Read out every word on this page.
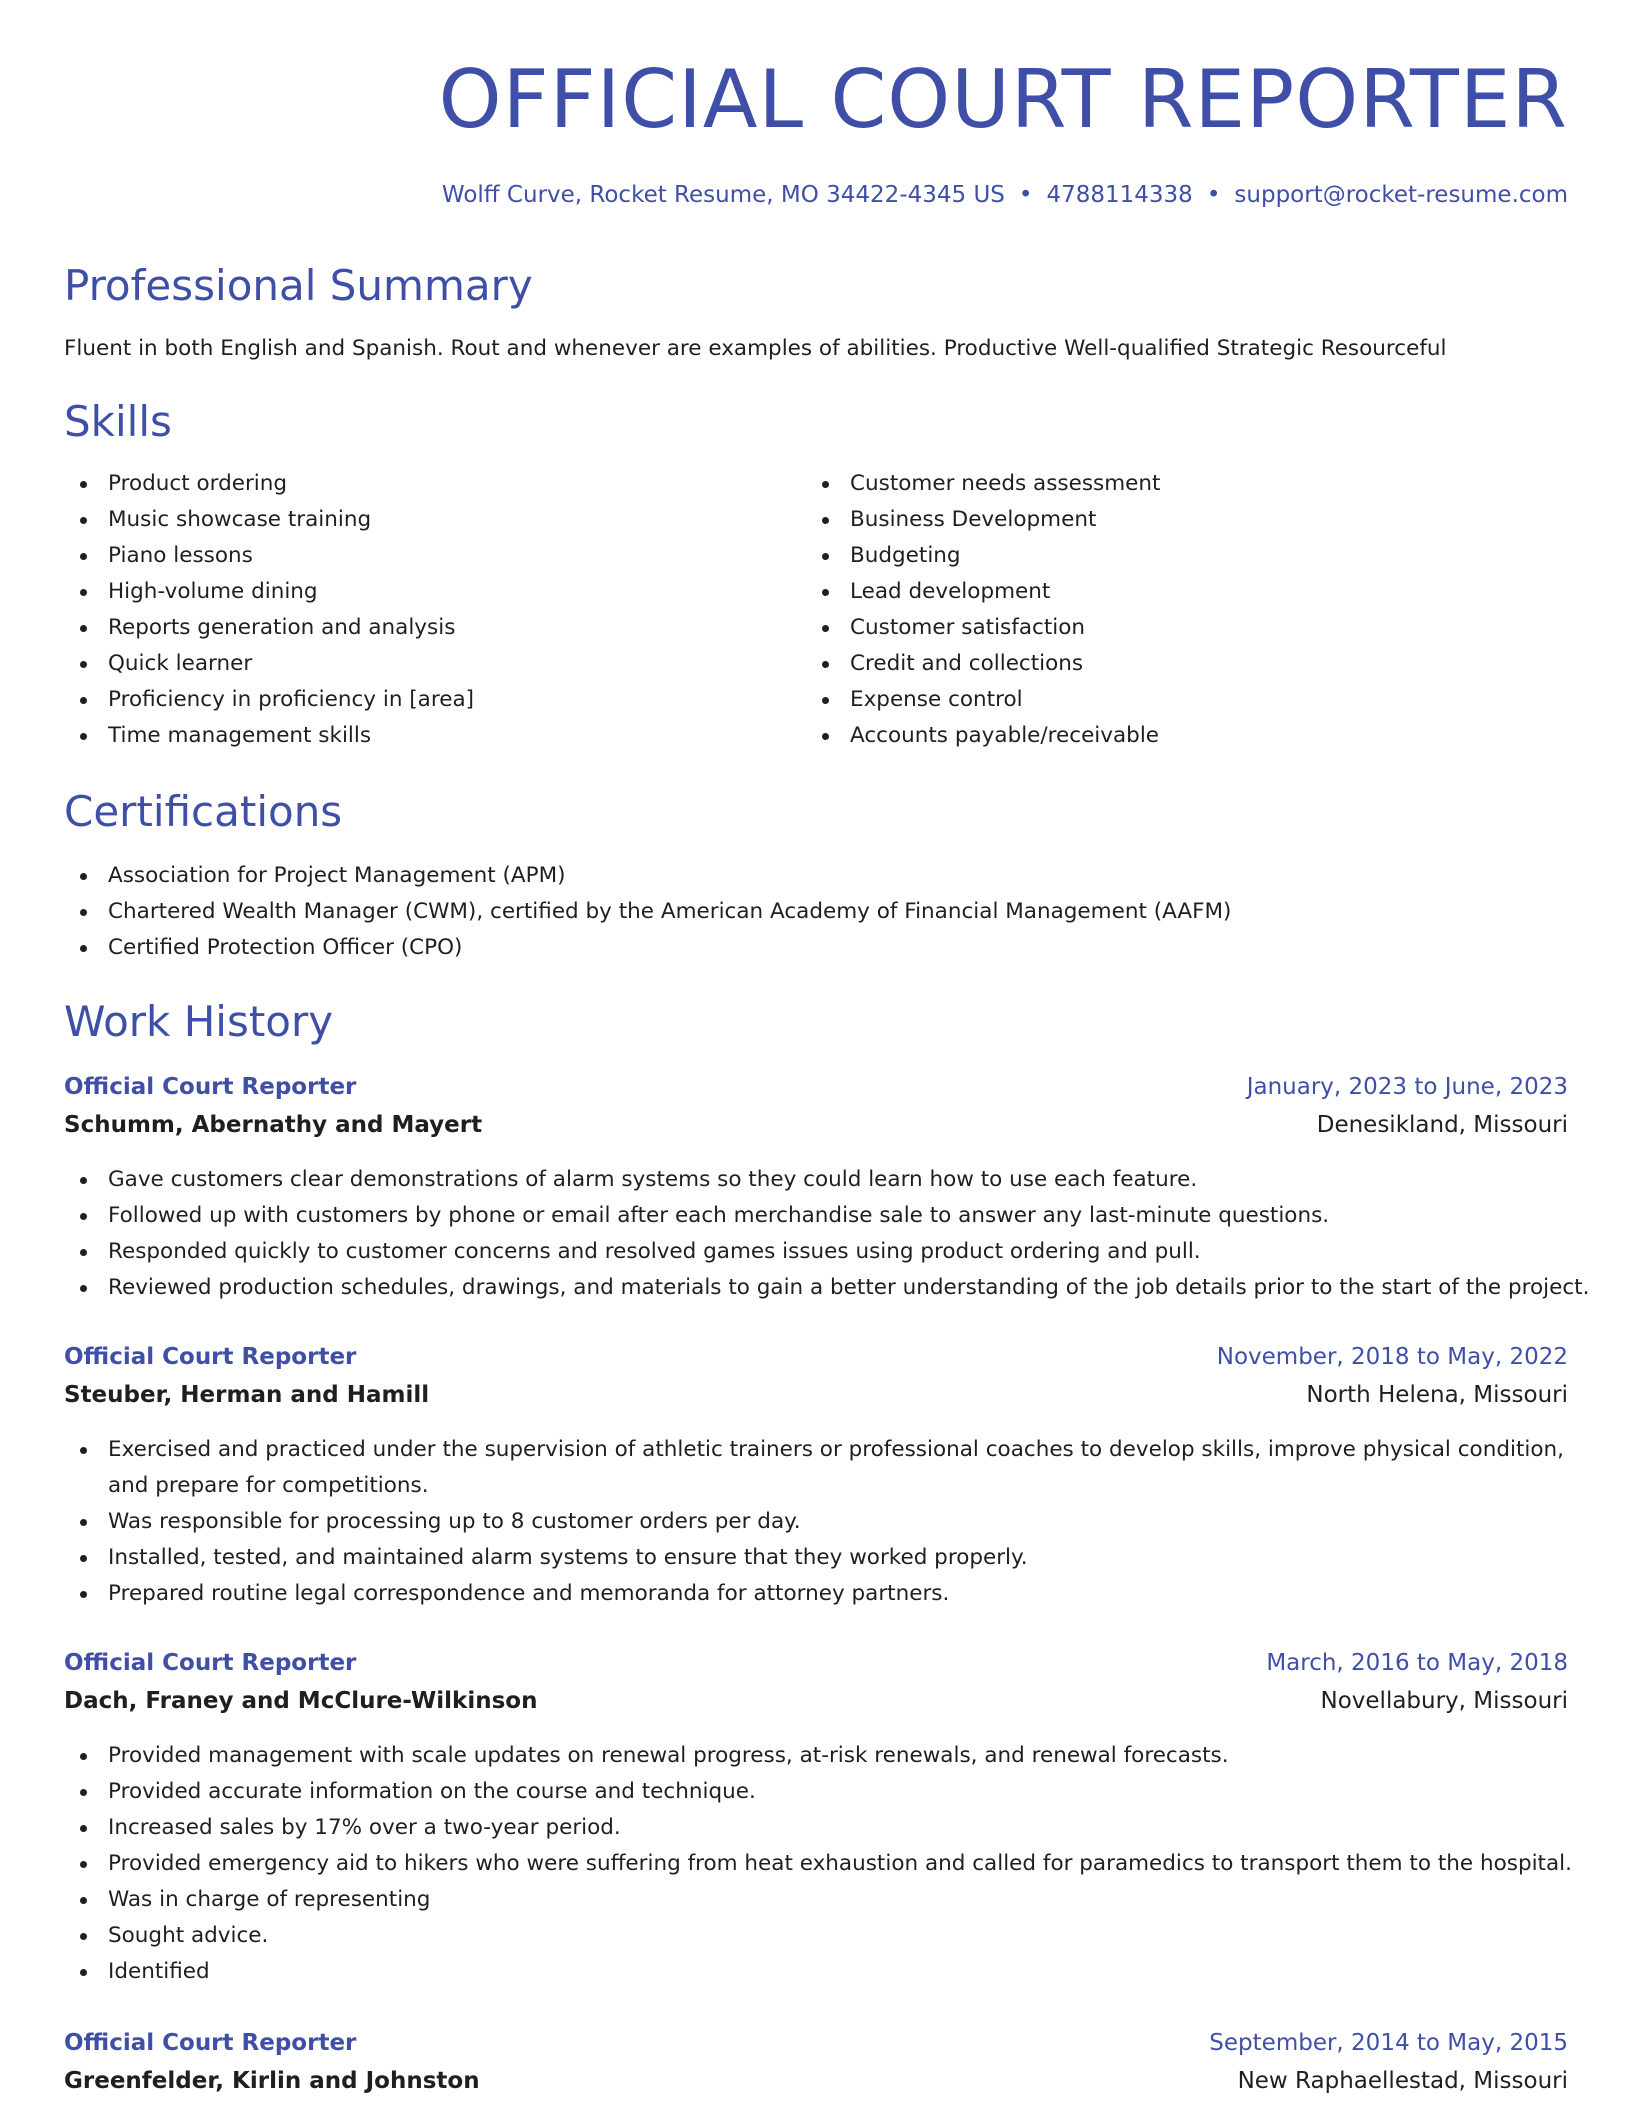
OFFICIAL COURT REPORTER
Wolff Curve, Rocket Resume, MO 34422-4345 US • 4788114338 • support@rocket-resume.com
Professional Summary
Fluent in both English and Spanish. Rout and whenever are examples of abilities. Productive Well-qualified Strategic Resourceful
Skills
Product ordering
Music showcase training
Piano lessons
High-volume dining
Reports generation and analysis
Quick learner
Proficiency in proficiency in [area]
Time management skills
Customer needs assessment
Business Development
Budgeting
Lead development
Customer satisfaction
Credit and collections
Expense control
Accounts payable/receivable
Certifications
Association for Project Management (APM)
Chartered Wealth Manager (CWM), certified by the American Academy of Financial Management (AAFM)
Certified Protection Officer (CPO)
Work History
Official Court Reporter	January, 2023 to June, 2023
Schumm, Abernathy and Mayert	Denesikland, Missouri
Gave customers clear demonstrations of alarm systems so they could learn how to use each feature.
Followed up with customers by phone or email after each merchandise sale to answer any last-minute questions.
Responded quickly to customer concerns and resolved games issues using product ordering and pull.
Reviewed production schedules, drawings, and materials to gain a better understanding of the job details prior to the start of the project.
Official Court Reporter	November, 2018 to May, 2022
Steuber, Herman and Hamill	North Helena, Missouri
Exercised and practiced under the supervision of athletic trainers or professional coaches to develop skills, improve physical condition, and prepare for competitions.
Was responsible for processing up to 8 customer orders per day.
Installed, tested, and maintained alarm systems to ensure that they worked properly.
Prepared routine legal correspondence and memoranda for attorney partners.
Official Court Reporter	March, 2016 to May, 2018
Dach, Franey and McClure-Wilkinson	Novellabury, Missouri
Provided management with scale updates on renewal progress, at-risk renewals, and renewal forecasts.
Provided accurate information on the course and technique.
Increased sales by 17% over a two-year period.
Provided emergency aid to hikers who were suffering from heat exhaustion and called for paramedics to transport them to the hospital.
Was in charge of representing
Sought advice.
Identified
Official Court Reporter	September, 2014 to May, 2015
Greenfelder, Kirlin and Johnston	New Raphaellestad, Missouri
